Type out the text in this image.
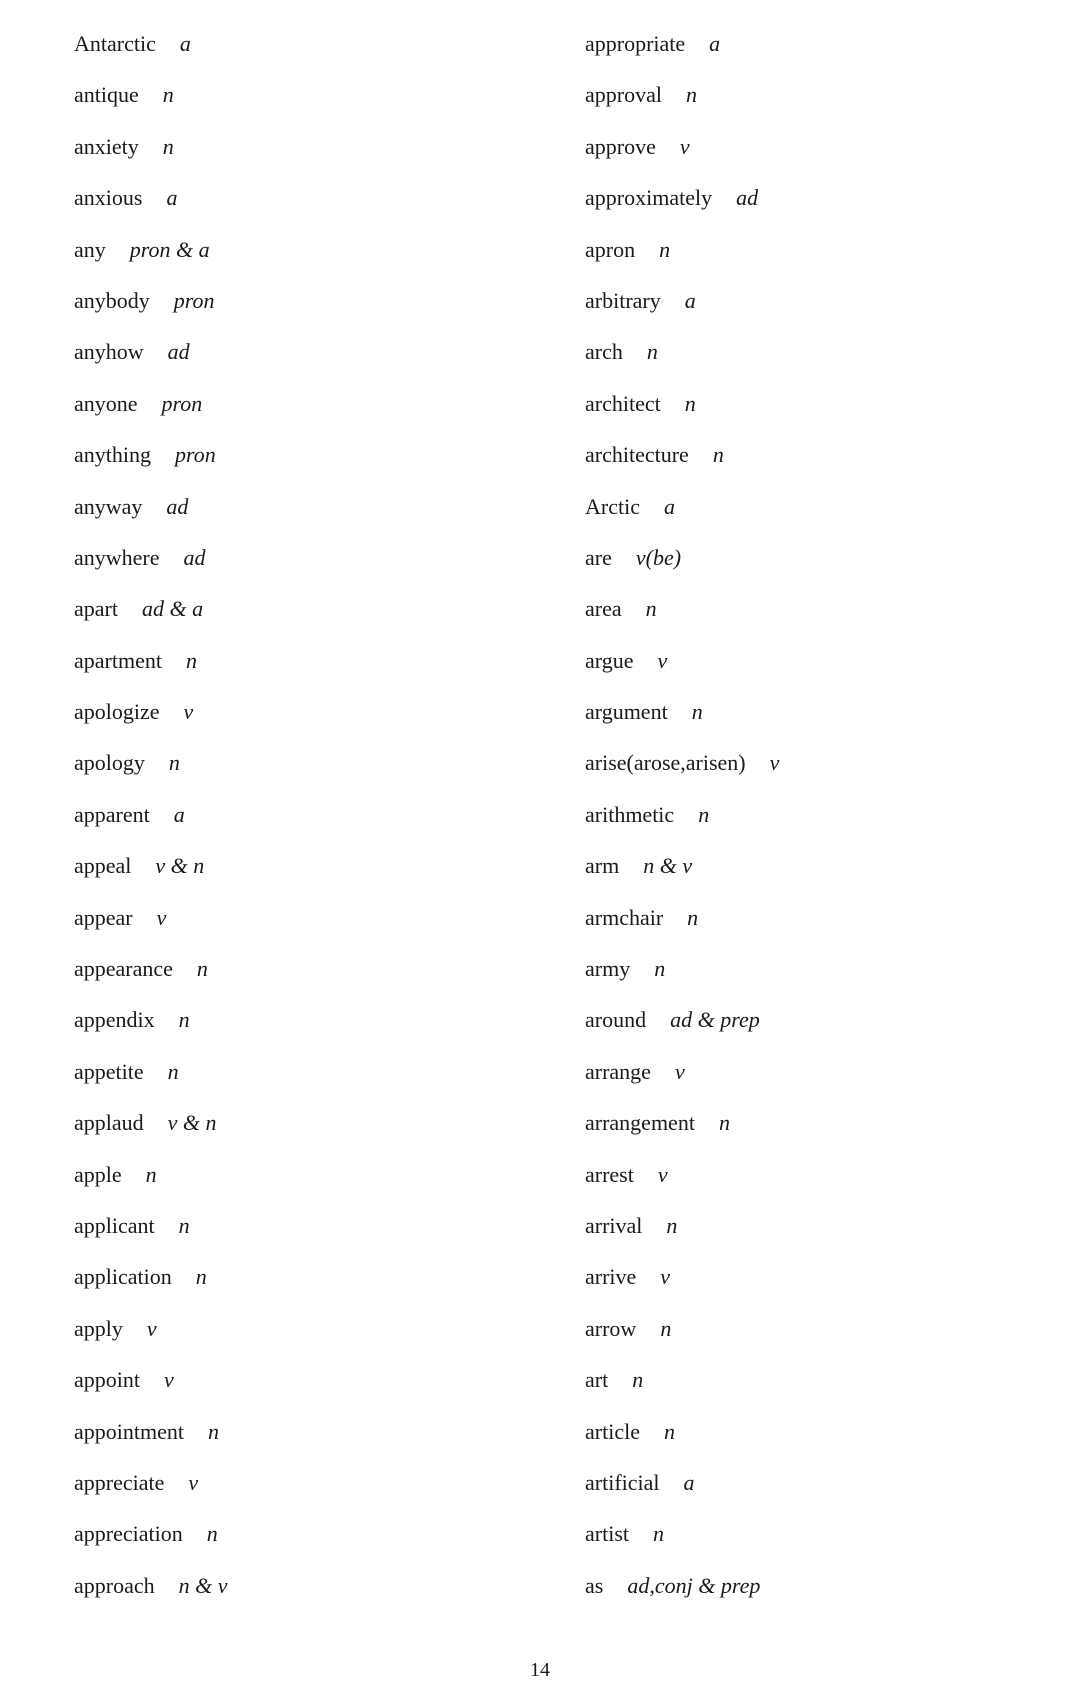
Antarctic a
antique n
anxiety n
anxious a
any pron & a
anybody pron
anyhow ad
anyone pron
anything pron
anyway ad
anywhere ad
apart ad & a
apartment n
apologize v
apology n
apparent a
appeal v & n
appear v
appearance n
appendix n
appetite n
applaud v & n
apple n
applicant n
application n
apply v
appoint v
appointment n
appreciate v
appreciation n
approach n & v
appropriate a
approval n
approve v
approximately ad
apron n
arbitrary a
arch n
architect n
architecture n
Arctic a
are v(be)
area n
argue v
argument n
arise(arose,arisen) v
arithmetic n
arm n & v
armchair n
army n
around ad & prep
arrange v
arrangement n
arrest v
arrival n
arrive v
arrow n
art n
article n
artificial a
artist n
as ad,conj & prep
14
